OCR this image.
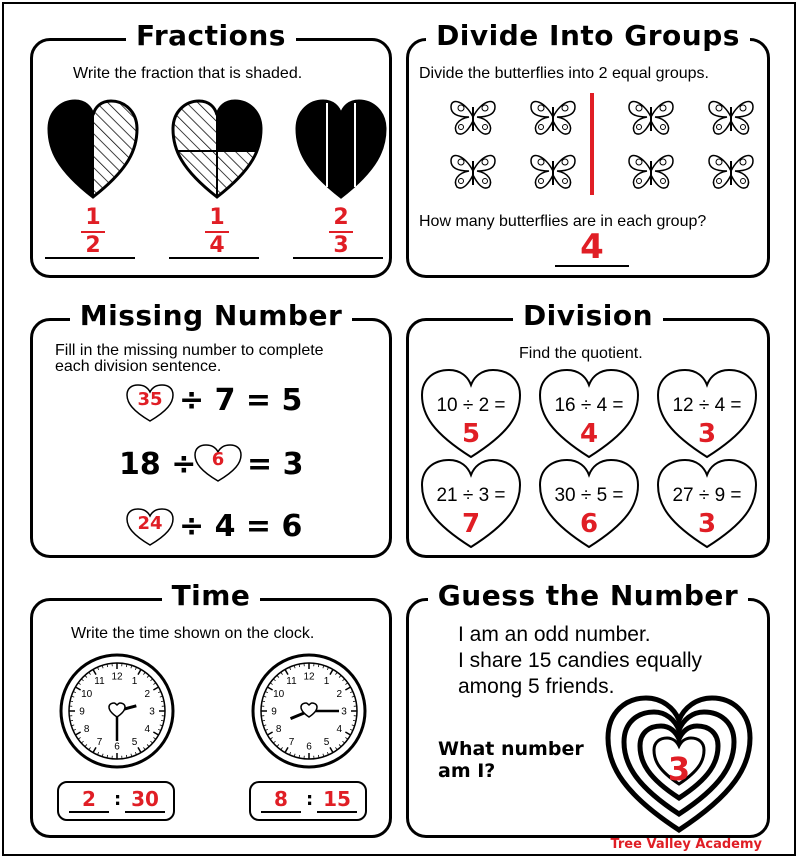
Fractions
Write the fraction that is shaded.
1
2
1
4
2
3
Divide Into Groups
Divide the butterflies into 2 equal groups.
How many butterflies are in each group?
4
Missing Number
Fill in the missing number to complete
each division sentence.
35 ÷ 7 = 5
18 ÷ 6 = 3
24 ÷ 4 = 6
Division
Find the quotient.
10 ÷ 2 =
5
16 ÷ 4 =
4
12 ÷ 4 =
3
21 ÷ 3 =
7
30 ÷ 5 =
6
27 ÷ 9 =
3
Time
Write the time shown on the clock.
12 1
2
3
4
5
6
7
8
9
10
11	12 1
2
3
4
5
6
7
8
9
10
11
2	: 30	8	: 15
Guess the Number
I am an odd number.
I share 15 candies equally
among 5 friends.
What number
am I?	3
Tree Valley Academy
